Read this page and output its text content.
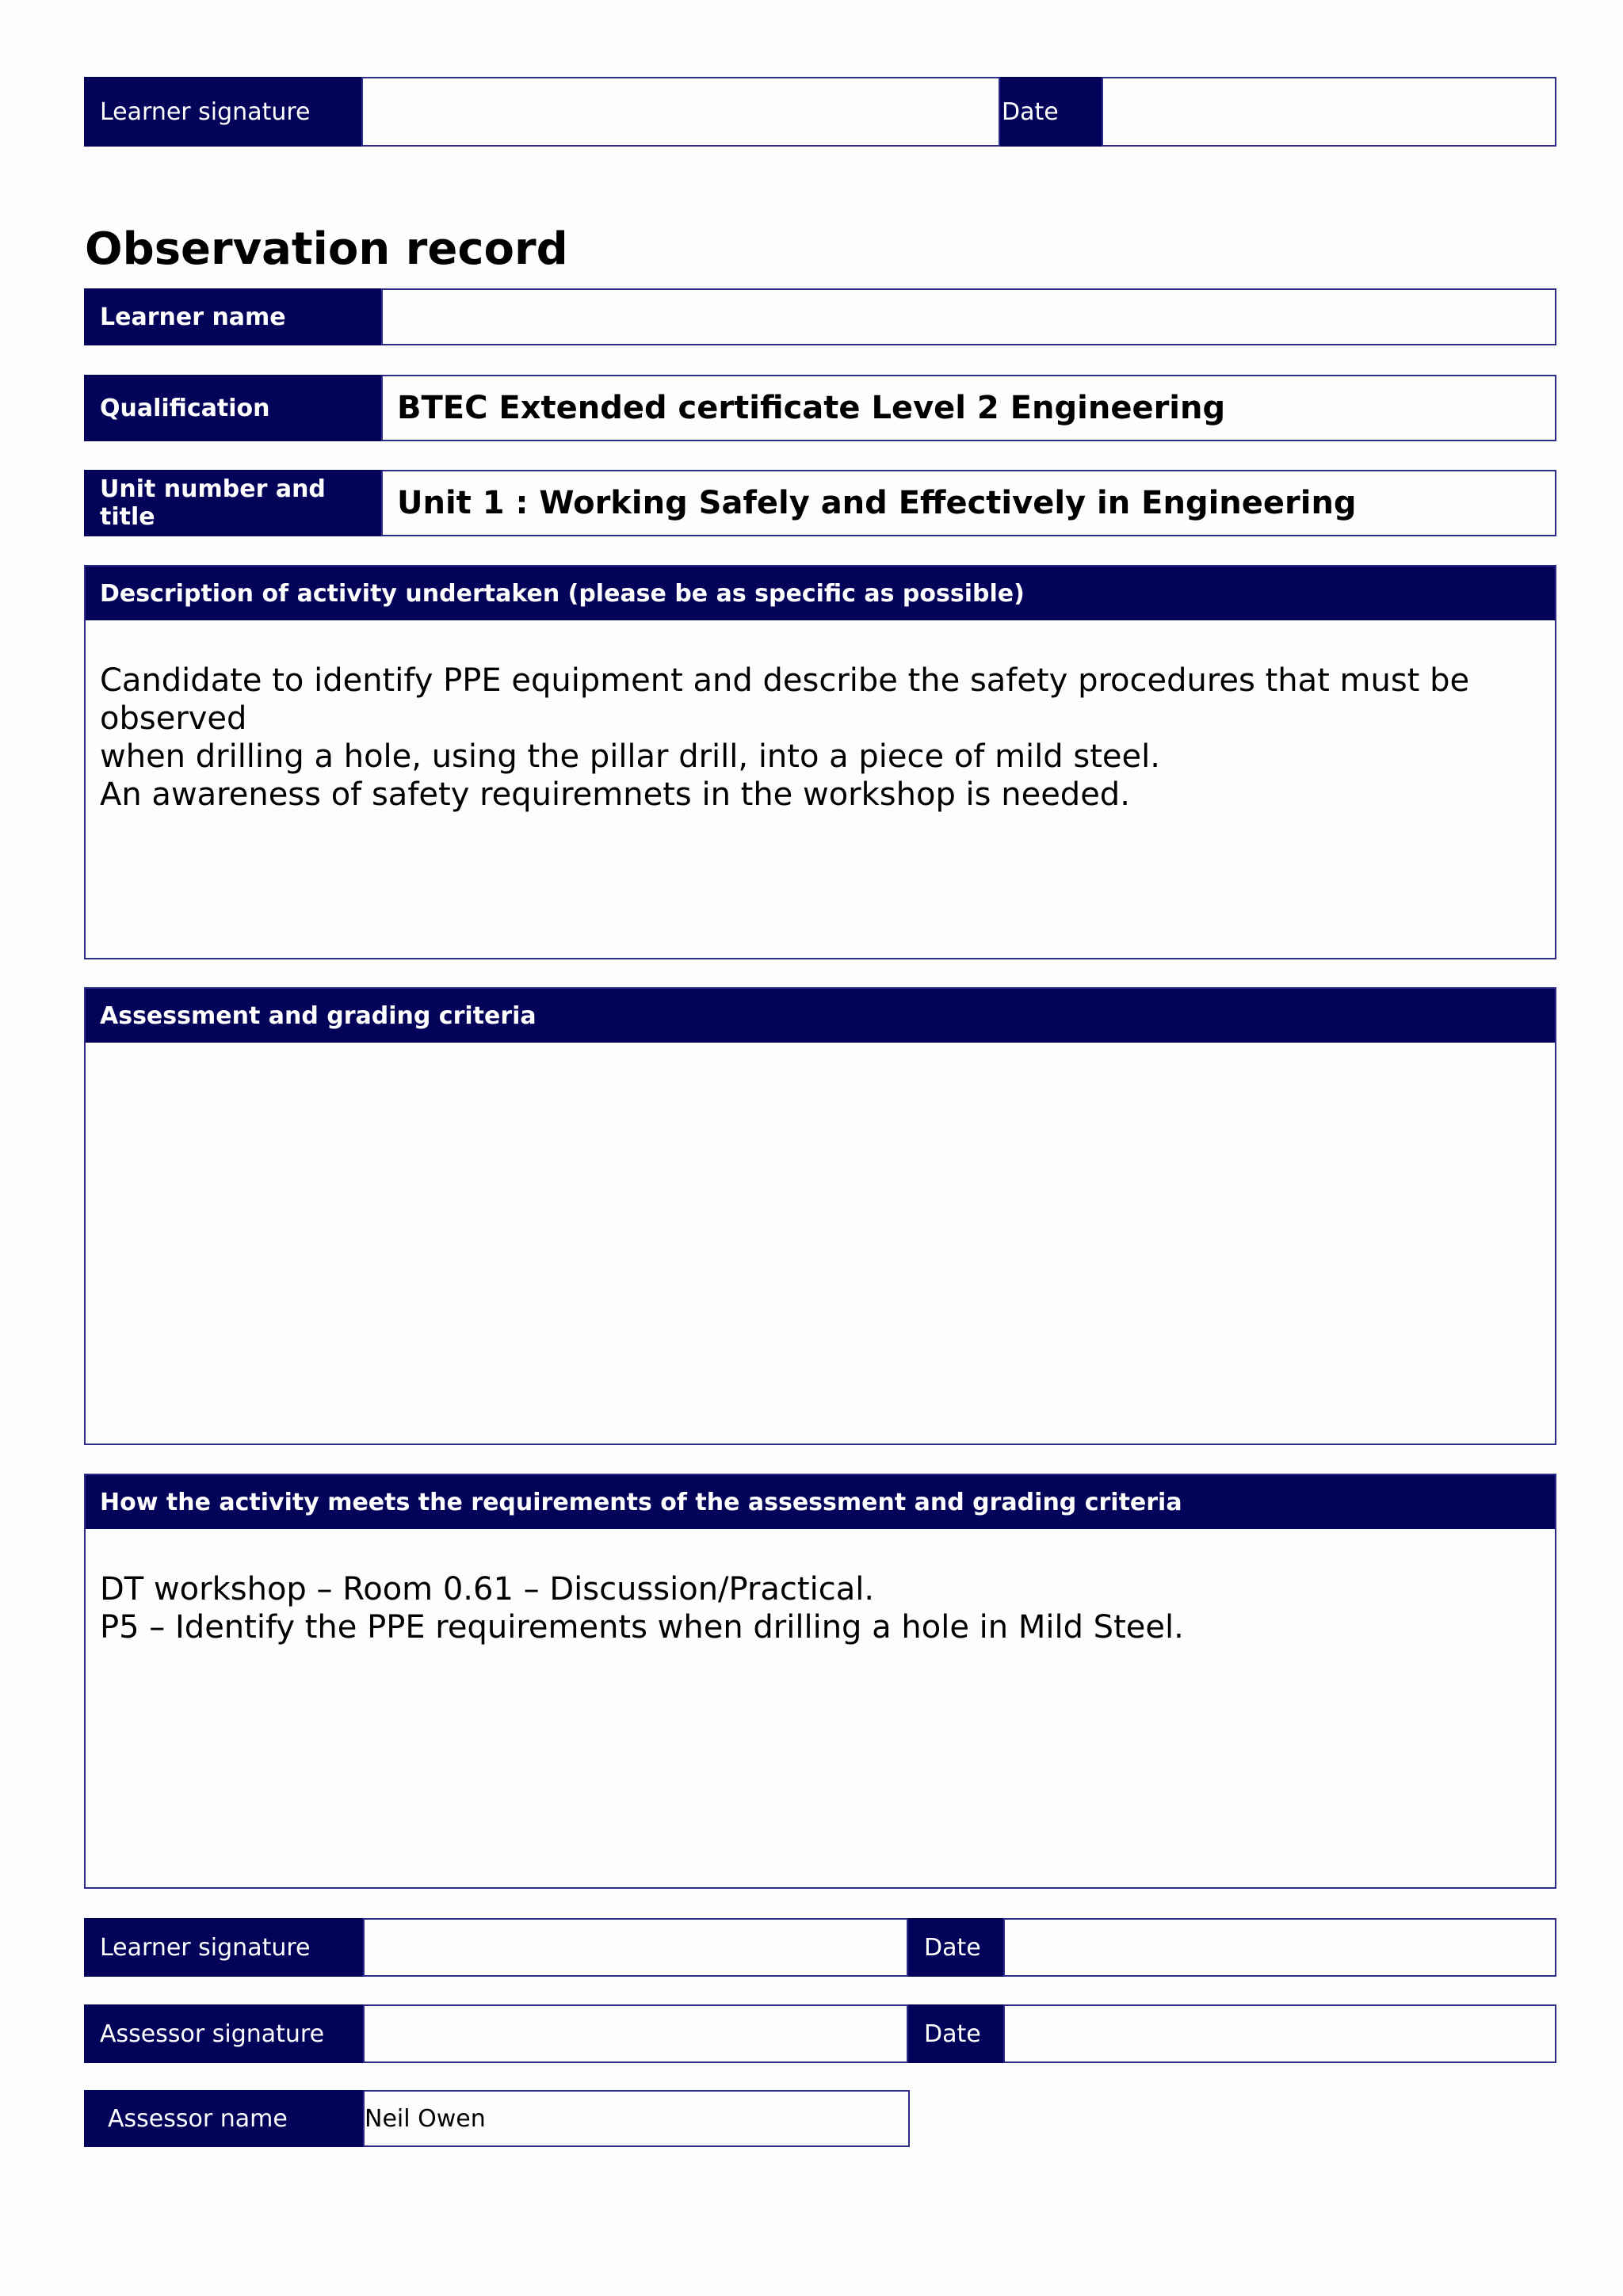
Learner signature	Date
Observation record
Learner name
Qualification	BTEC Extended certificate Level 2 Engineering
Unit number and title	Unit 1 : Working Safely and Effectively in Engineering
Description of activity undertaken (please be as specific as possible)

Candidate to identify PPE equipment and describe the safety procedures that must be observed

when drilling a hole, using the pillar drill, into a piece of mild steel.

An awareness of safety requiremnets in the workshop is needed.

Assessment and grading criteria
How the activity meets the requirements of the assessment and grading criteria

DT workshop – Room 0.61 – Discussion/Practical.

P5 – Identify the PPE requirements when drilling a hole in Mild Steel.

Learner signature	Date
Assessor signature	Date
Assessor name	Neil Owen
